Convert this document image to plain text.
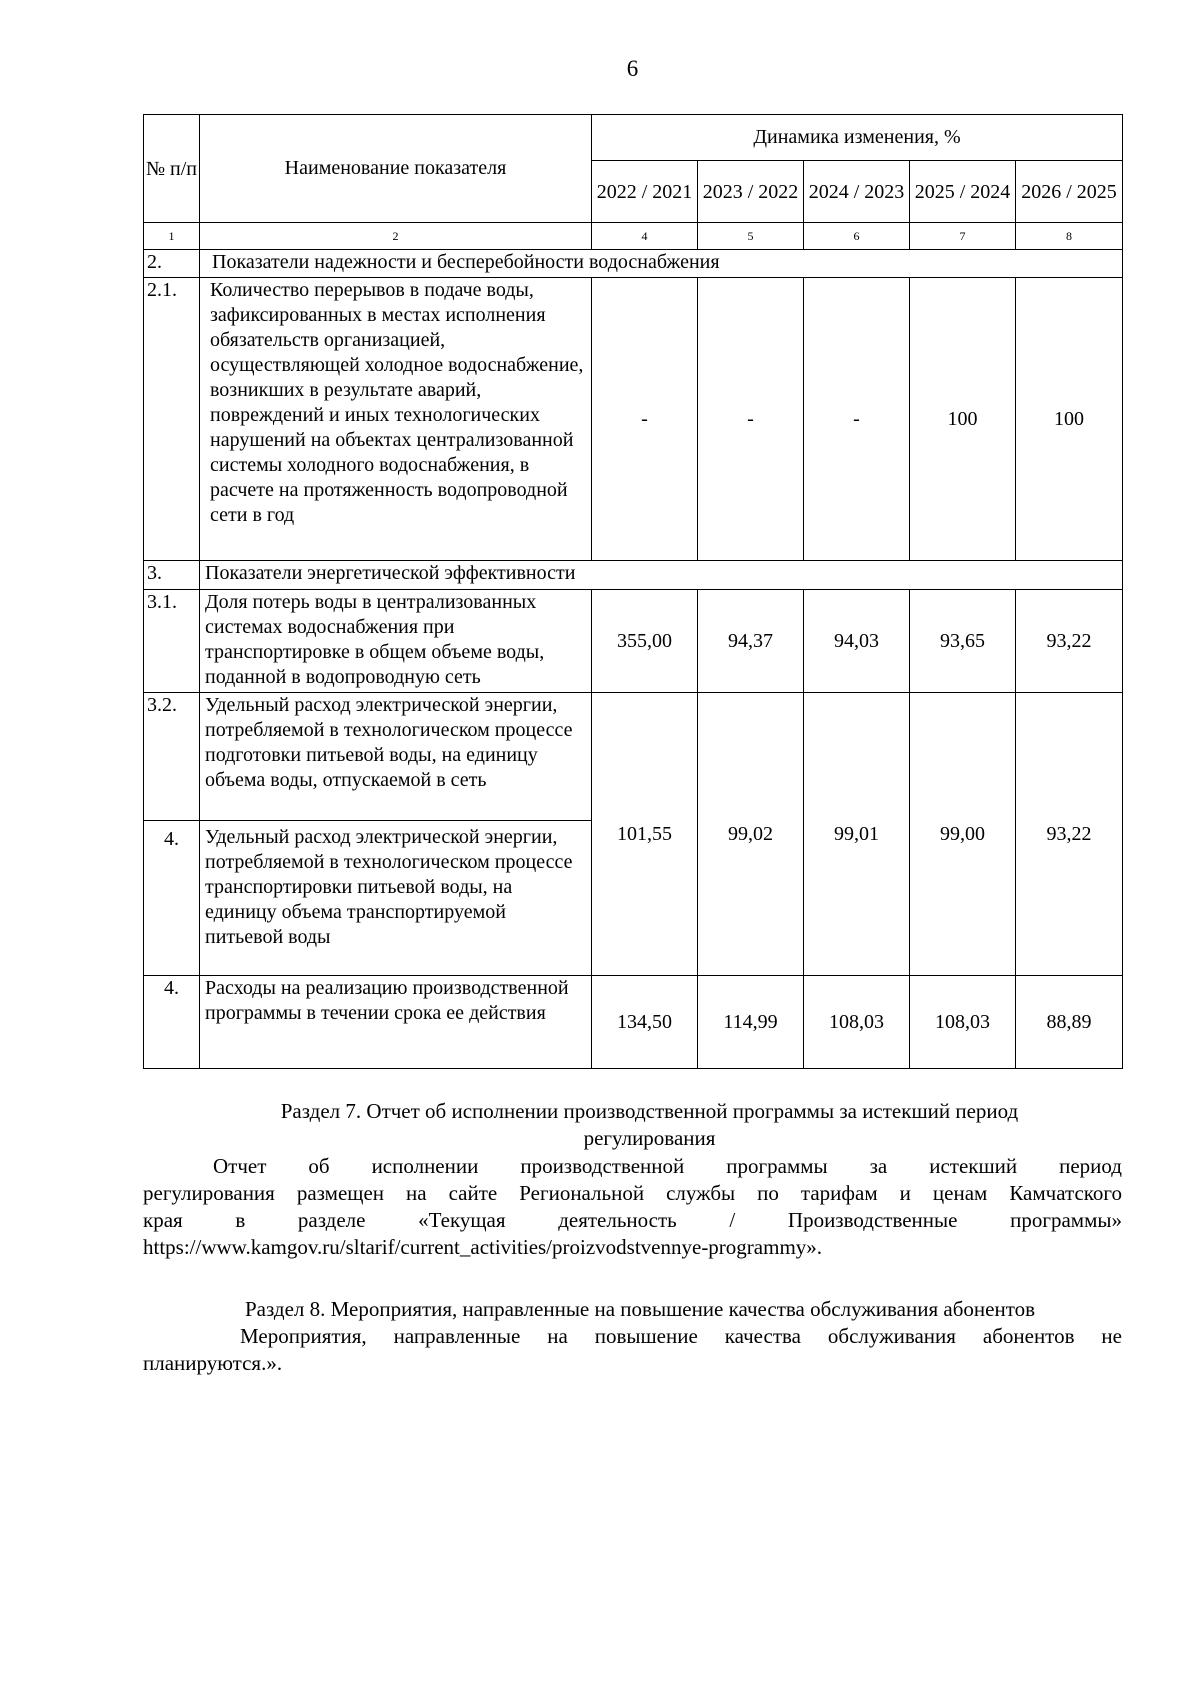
6
№ п/п	Наименование показателя	Динамика изменения, %				
		2022 / 2021	2023 / 2022	2024 / 2023	2025 / 2024	2026 / 2025
1	2	4	5	6	7	8
2.	Показатели надежности и бесперебойности водоснабжения					
2.1.	Количество перерывов в подаче воды, зафиксированных в местах исполнения обязательств организацией, осуществляющей холодное водоснабжение, возникших в результате аварий, повреждений и иных технологических нарушений на объектах централизованной системы холодного водоснабжения, в расчете на протяженность водопроводной сети в год	-	-	-	100	100
3.	Показатели энергетической эффективности					
3.1.	Доля потерь воды в централизованных системах водоснабжения при транспортировке в общем объеме воды, поданной в водопроводную сеть	355,00	94,37	94,03	93,65	93,22
3.2.	Удельный расход электрической энергии, потребляемой в технологическом процессе подготовки питьевой воды, на единицу объема воды, отпускаемой в сеть	101,55	99,02	99,01	99,00	93,22
4.	Удельный расход электрической энергии, потребляемой в технологическом процессе транспортировки питьевой воды, на единицу объема транспортируемой питьевой воды					
4.	Расходы на реализацию производственной программы в течении срока ее действия	134,50	114,99	108,03	108,03	88,89
Раздел 7. Отчет об исполнении производственной программы за истекший период
регулирования

Отчет об исполнении производственной программы за истекший период

регулирования размещен на сайте Региональной службы по тарифам и ценам Камчатского

края в разделе «Текущая деятельность / Производственные программы»

https://www.kamgov.ru/sltarif/current_activities/proizvodstvennye-programmy».

Раздел 8. Мероприятия, направленные на повышение качества обслуживания абонентов

Мероприятия, направленные на повышение качества обслуживания абонентов не

планируются.».
